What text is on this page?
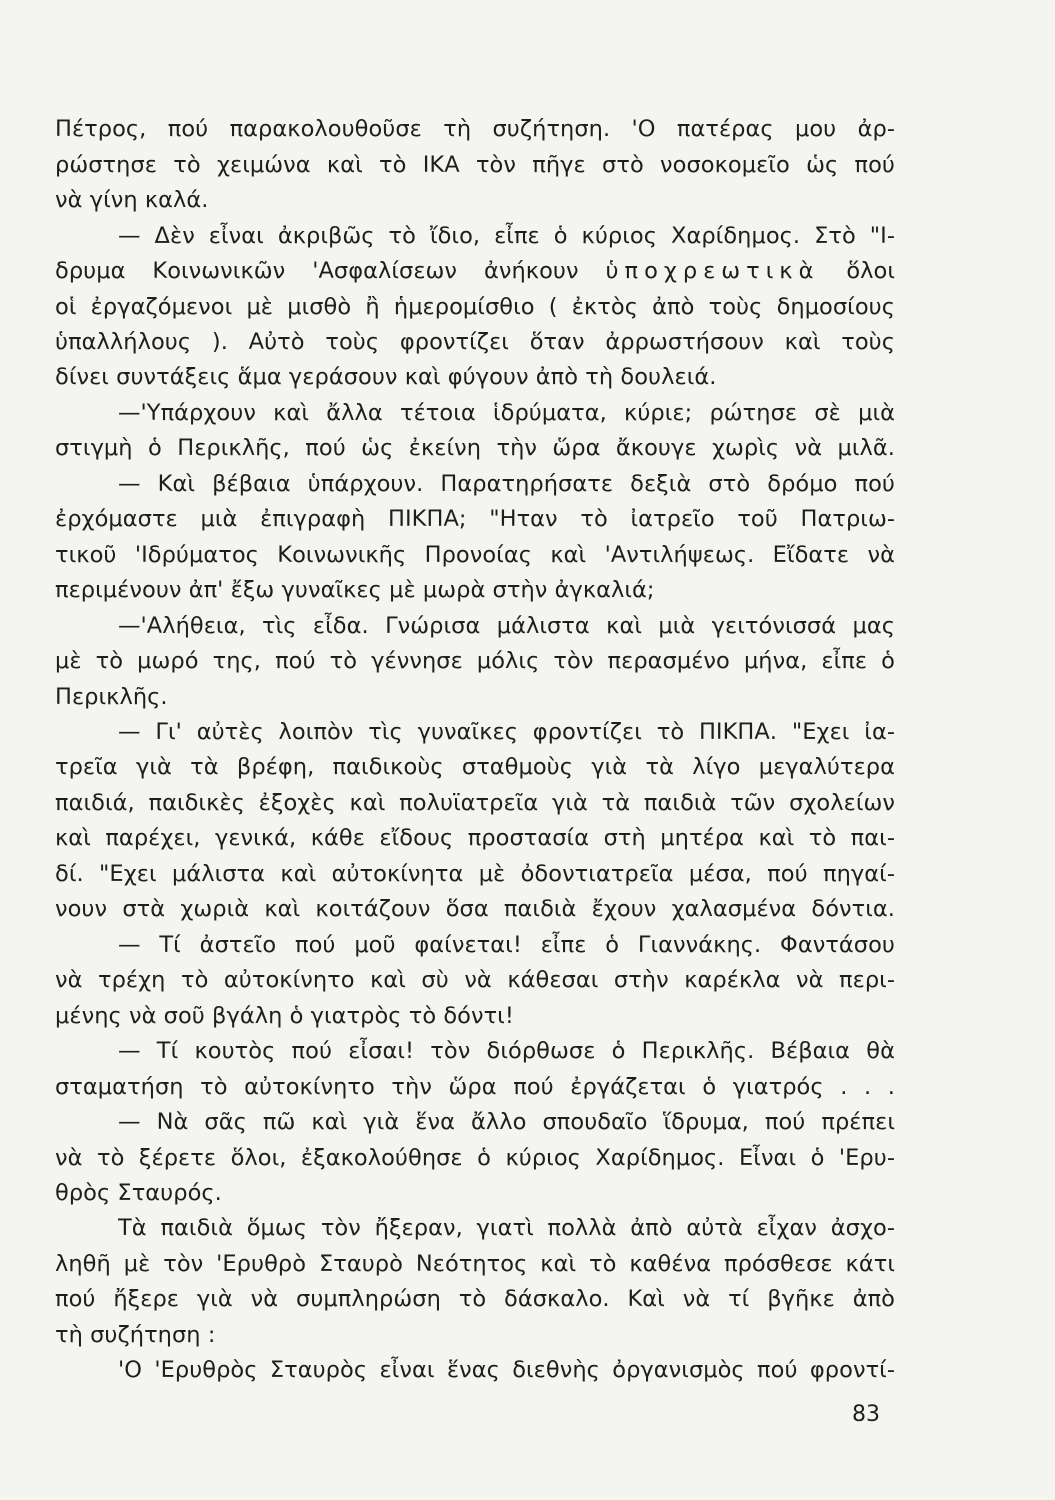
Πέτρος, πού παρακολουθοῦσε τὴ συζήτηση. 'Ο πατέρας μου ἀρ-
ρώστησε τὸ χειμώνα καὶ τὸ ΙΚΑ τὸν πῆγε στὸ νοσοκομεῖο ὡς πού
νὰ γίνη καλά.
— Δὲν εἶναι ἀκριβῶς τὸ ἴδιο, εἶπε ὁ κύριος Χαρίδημος. Στὸ "Ι-
δρυμα Κοινωνικῶν 'Ασφαλίσεων ἀνήκουν ὑποχρεωτικὰ ὅλοι
οἱ ἐργαζόμενοι μὲ μισθὸ ἢ ἡμερομίσθιο ( ἐκτὸς ἀπὸ τοὺς δημοσίους
ὑπαλλήλους ). Αὐτὸ τοὺς φροντίζει ὅταν ἀρρωστήσουν καὶ τοὺς
δίνει συντάξεις ἅμα γεράσουν καὶ φύγουν ἀπὸ τὴ δουλειά.
—'Υπάρχουν καὶ ἄλλα τέτοια ἱδρύματα, κύριε; ρώτησε σὲ μιὰ
στιγμὴ ὁ Περικλῆς, πού ὡς ἐκείνη τὴν ὥρα ἄκουγε χωρὶς νὰ μιλᾶ.
— Καὶ βέβαια ὑπάρχουν. Παρατηρήσατε δεξιὰ στὸ δρόμο πού
ἐρχόμαστε μιὰ ἐπιγραφὴ ΠΙΚΠΑ; "Ηταν τὸ ἰατρεῖο τοῦ Πατριω-
τικοῦ 'Ιδρύματος Κοινωνικῆς Προνοίας καὶ 'Αντιλήψεως. Εἴδατε νὰ
περιμένουν ἀπ' ἔξω γυναῖκες μὲ μωρὰ στὴν ἀγκαλιά;
—'Αλήθεια, τὶς εἶδα. Γνώρισα μάλιστα καὶ μιὰ γειτόνισσά μας
μὲ τὸ μωρό της, πού τὸ γέννησε μόλις τὸν περασμένο μήνα, εἶπε ὁ
Περικλῆς.
— Γι' αὐτὲς λοιπὸν τὶς γυναῖκες φροντίζει τὸ ΠΙΚΠΑ. "Εχει ἰα-
τρεῖα γιὰ τὰ βρέφη, παιδικοὺς σταθμοὺς γιὰ τὰ λίγο μεγαλύτερα
παιδιά, παιδικὲς ἐξοχὲς καὶ πολυϊατρεῖα γιὰ τὰ παιδιὰ τῶν σχολείων
καὶ παρέχει, γενικά, κάθε εἴδους προστασία στὴ μητέρα καὶ τὸ παι-
δί. "Εχει μάλιστα καὶ αὐτοκίνητα μὲ ὀδοντιατρεῖα μέσα, πού πηγαί-
νουν στὰ χωριὰ καὶ κοιτάζουν ὅσα παιδιὰ ἔχουν χαλασμένα δόντια.
— Τί ἀστεῖο πού μοῦ φαίνεται! εἶπε ὁ Γιαννάκης. Φαντάσου
νὰ τρέχη τὸ αὐτοκίνητο καὶ σὺ νὰ κάθεσαι στὴν καρέκλα νὰ περι-
μένης νὰ σοῦ βγάλη ὁ γιατρὸς τὸ δόντι!
— Τί κουτὸς πού εἶσαι! τὸν διόρθωσε ὁ Περικλῆς. Βέβαια θὰ
σταματήση τὸ αὐτοκίνητο τὴν ὥρα πού ἐργάζεται ὁ γιατρός . . .
— Νὰ σᾶς πῶ καὶ γιὰ ἕνα ἄλλο σπουδαῖο ἵδρυμα, πού πρέπει
νὰ τὸ ξέρετε ὅλοι, ἐξακολούθησε ὁ κύριος Χαρίδημος. Εἶναι ὁ 'Ερυ-
θρὸς Σταυρός.
Τὰ παιδιὰ ὅμως τὸν ἤξεραν, γιατὶ πολλὰ ἀπὸ αὐτὰ εἶχαν ἀσχο-
ληθῆ μὲ τὸν 'Ερυθρὸ Σταυρὸ Νεότητος καὶ τὸ καθένα πρόσθεσε κάτι
πού ἤξερε γιὰ νὰ συμπληρώση τὸ δάσκαλο. Καὶ νὰ τί βγῆκε ἀπὸ
τὴ συζήτηση :
'Ο 'Ερυθρὸς Σταυρὸς εἶναι ἕνας διεθνὴς ὀργανισμὸς πού φροντί-
83
